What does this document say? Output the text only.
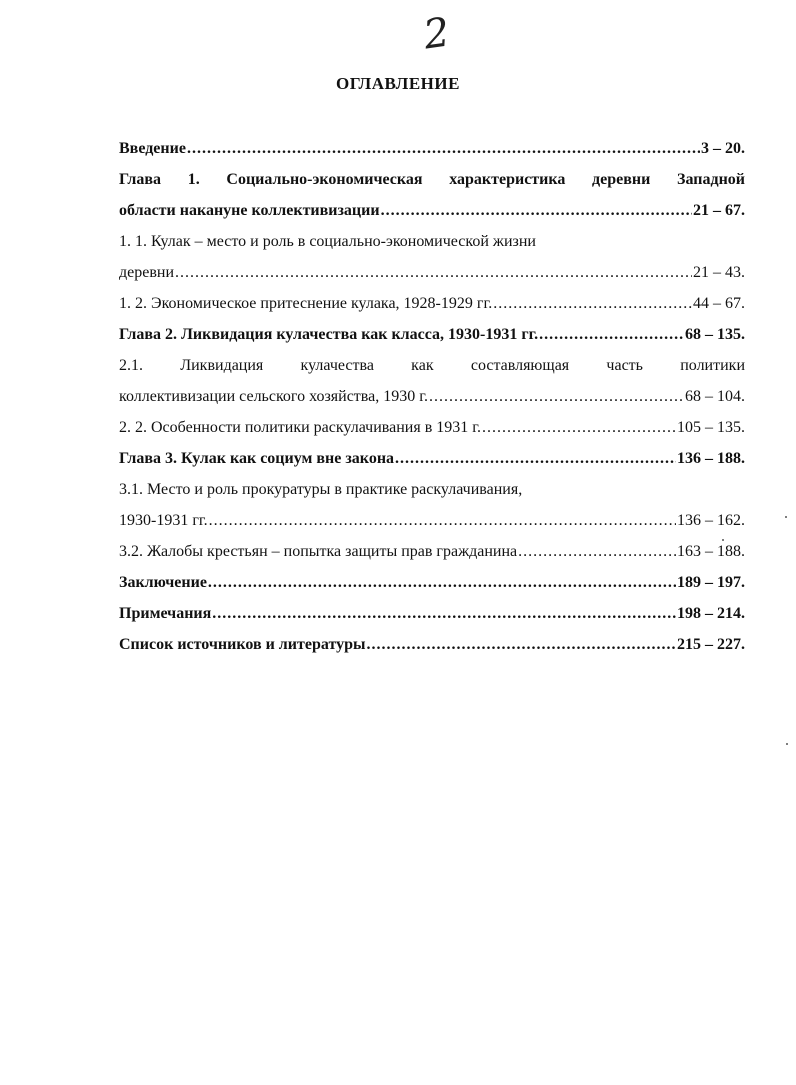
2
ОГЛАВЛЕНИЕ
Введение .....	3 – 20.
Глава 1. Социально-экономическая характеристика деревни Западной
области накануне коллективизации .....	21 – 67.
1. 1. Кулак – место и роль в социально-экономической жизни
деревни .....	21 – 43.
1. 2. Экономическое притеснение кулака, 1928-1929 гг. .....	44 – 67.
Глава 2. Ликвидация кулачества как класса, 1930-1931 гг. .....	68 – 135.
2.1. Ликвидация кулачества как составляющая часть политики
коллективизации сельского хозяйства, 1930 г. .....	68 – 104.
2. 2. Особенности политики раскулачивания в 1931 г. .....	105 – 135.
Глава 3. Кулак как социум вне закона .....	136 – 188.
3.1. Место и роль прокуратуры в практике раскулачивания,
1930-1931 гг. .....	136 – 162.
3.2. Жалобы крестьян – попытка защиты прав гражданина .....	163 – 188.
Заключение .....	189 – 197.
Примечания .....	198 – 214.
Список источников и литературы .....	215 – 227.
